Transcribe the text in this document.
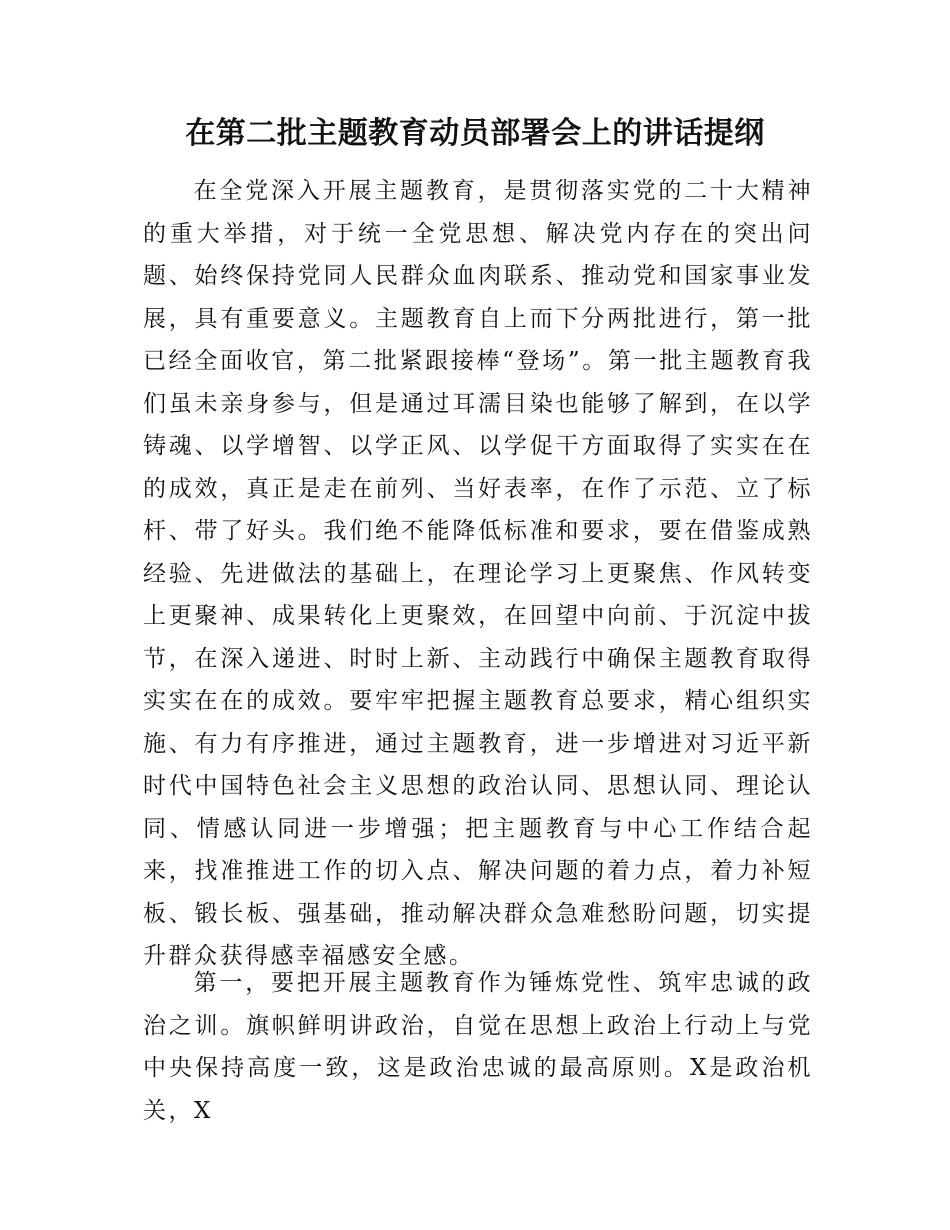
在第二批主题教育动员部署会上的讲话提纲

在全党深入开展主题教育，是贯彻落实党的二十大精神的重大举措，对于统一全党思想、解决党内存在的突出问题、始终保持党同人民群众血肉联系、推动党和国家事业发展，具有重要意义。主题教育自上而下分两批进行，第一批已经全面收官，第二批紧跟接棒“登场”。第一批主题教育我们虽未亲身参与，但是通过耳濡目染也能够了解到，在以学铸魂、以学增智、以学正风、以学促干方面取得了实实在在的成效，真正是走在前列、当好表率，在作了示范、立了标杆、带了好头。我们绝不能降低标准和要求，要在借鉴成熟经验、先进做法的基础上，在理论学习上更聚焦、作风转变上更聚神、成果转化上更聚效，在回望中向前、于沉淀中拔节，在深入递进、时时上新、主动践行中确保主题教育取得实实在在的成效。要牢牢把握主题教育总要求，精心组织实施、有力有序推进，通过主题教育，进一步增进对习近平新时代中国特色社会主义思想的政治认同、思想认同、理论认同、情感认同进一步增强；把主题教育与中心工作结合起来，找准推进工作的切入点、解决问题的着力点，着力补短板、锻长板、强基础，推动解决群众急难愁盼问题，切实提升群众获得感幸福感安全感。

第一，要把开展主题教育作为锤炼党性、筑牢忠诚的政治之训。旗帜鲜明讲政治，自觉在思想上政治上行动上与党中央保持高度一致，这是政治忠诚的最高原则。X是政治机关，X
